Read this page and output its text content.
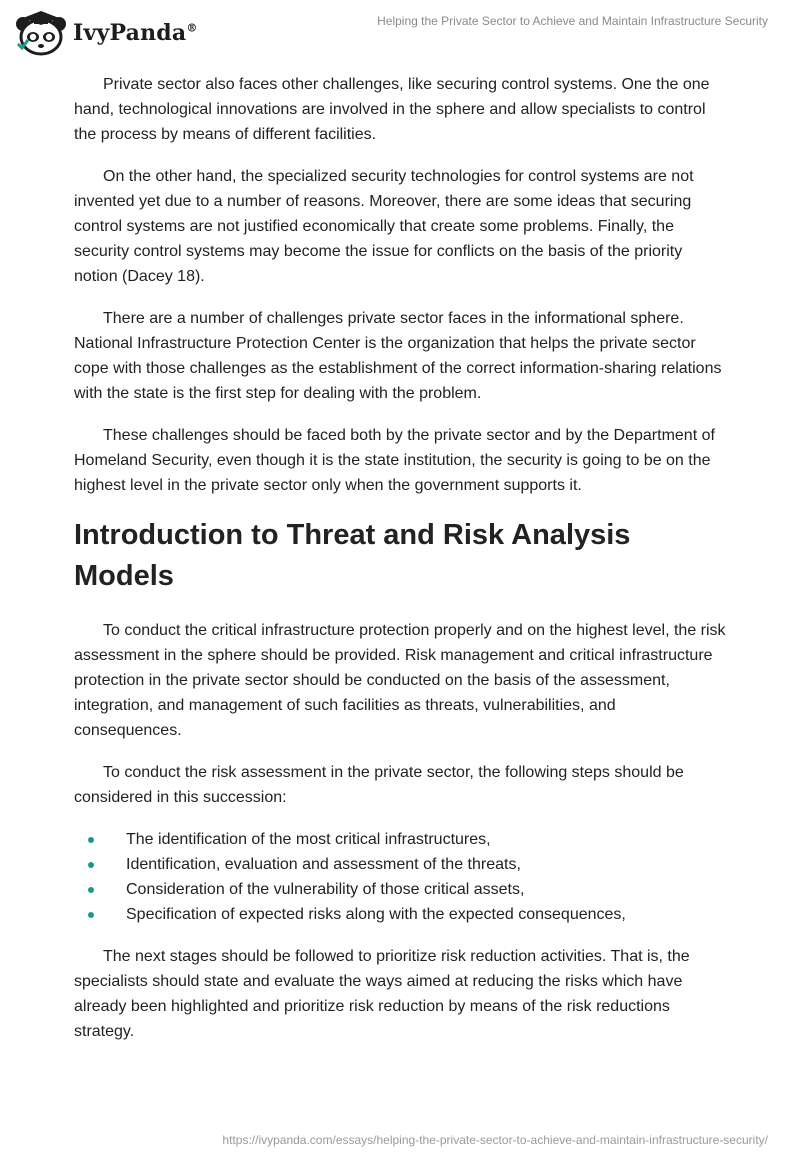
IvyPanda®
Helping the Private Sector to Achieve and Maintain Infrastructure Security

Private sector also faces other challenges, like securing control systems. One the one hand, technological innovations are involved in the sphere and allow specialists to control the process by means of different facilities.

On the other hand, the specialized security technologies for control systems are not invented yet due to a number of reasons. Moreover, there are some ideas that securing control systems are not justified economically that create some problems. Finally, the security control systems may become the issue for conflicts on the basis of the priority notion (Dacey 18).

There are a number of challenges private sector faces in the informational sphere. National Infrastructure Protection Center is the organization that helps the private sector cope with those challenges as the establishment of the correct information-sharing relations with the state is the first step for dealing with the problem.

These challenges should be faced both by the private sector and by the Department of Homeland Security, even though it is the state institution, the security is going to be on the highest level in the private sector only when the government supports it.

Introduction to Threat and Risk Analysis Models

To conduct the critical infrastructure protection properly and on the highest level, the risk assessment in the sphere should be provided. Risk management and critical infrastructure protection in the private sector should be conducted on the basis of the assessment, integration, and management of such facilities as threats, vulnerabilities, and consequences.

To conduct the risk assessment in the private sector, the following steps should be considered in this succession:

The identification of the most critical infrastructures,
Identification, evaluation and assessment of the threats,
Consideration of the vulnerability of those critical assets,
Specification of expected risks along with the expected consequences,

The next stages should be followed to prioritize risk reduction activities. That is, the specialists should state and evaluate the ways aimed at reducing the risks which have already been highlighted and prioritize risk reduction by means of the risk reductions strategy.

https://ivypanda.com/essays/helping-the-private-sector-to-achieve-and-maintain-infrastructure-security/
